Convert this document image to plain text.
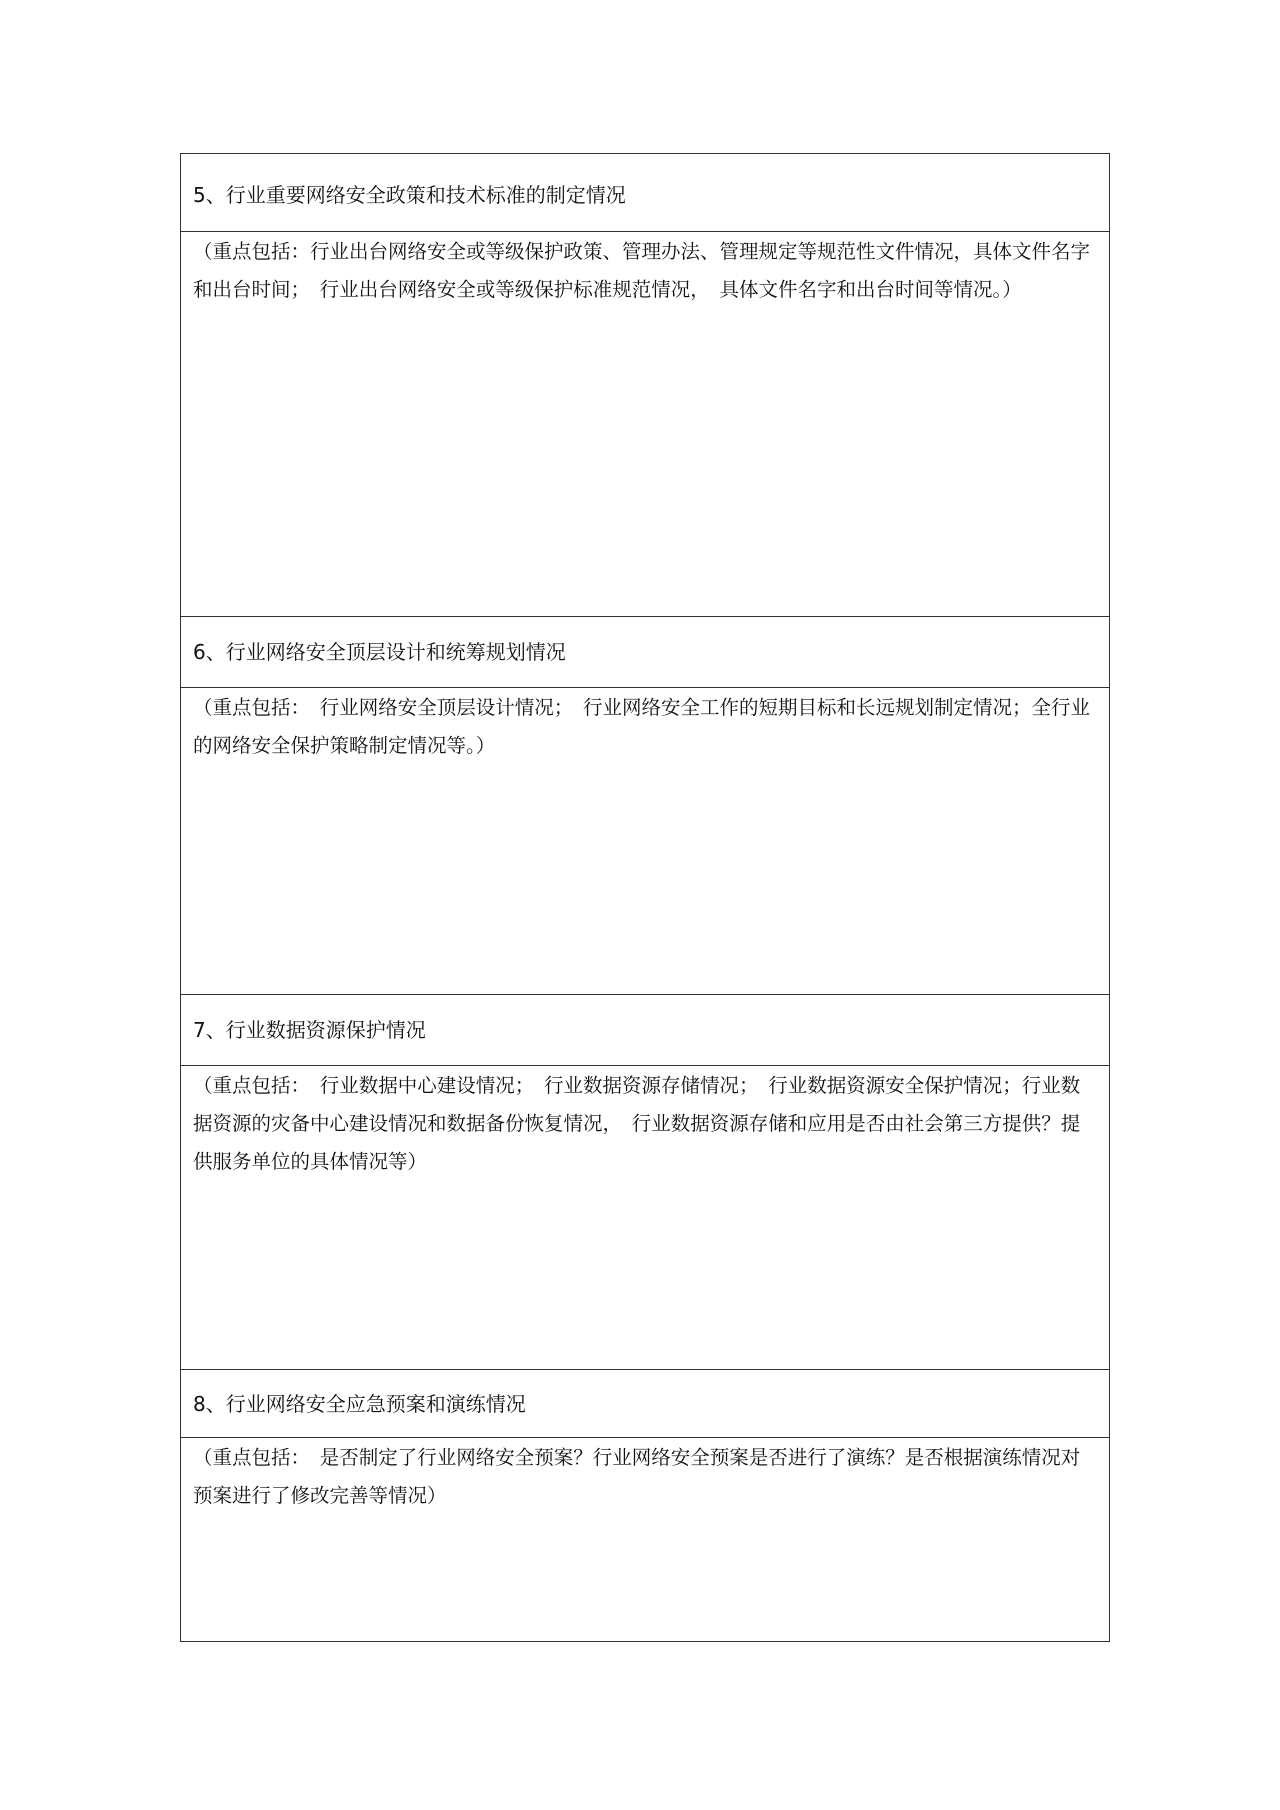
5、行业重要网络安全政策和技术标准的制定情况

（重点包括：行业出台网络安全或等级保护政策、管理办法、管理规定等规范性文件情况，具体文件名字和出台时间；　行业出台网络安全或等级保护标准规范情况，　具体文件名字和出台时间等情况。）

6、行业网络安全顶层设计和统筹规划情况

（重点包括：　行业网络安全顶层设计情况；　行业网络安全工作的短期目标和长远规划制定情况；全行业的网络安全保护策略制定情况等。）

7、行业数据资源保护情况

（重点包括：　行业数据中心建设情况；　行业数据资源存储情况；　行业数据资源安全保护情况；行业数据资源的灾备中心建设情况和数据备份恢复情况，　行业数据资源存储和应用是否由社会第三方提供？提供服务单位的具体情况等）

8、行业网络安全应急预案和演练情况

（重点包括：　是否制定了行业网络安全预案？行业网络安全预案是否进行了演练？是否根据演练情况对预案进行了修改完善等情况）
